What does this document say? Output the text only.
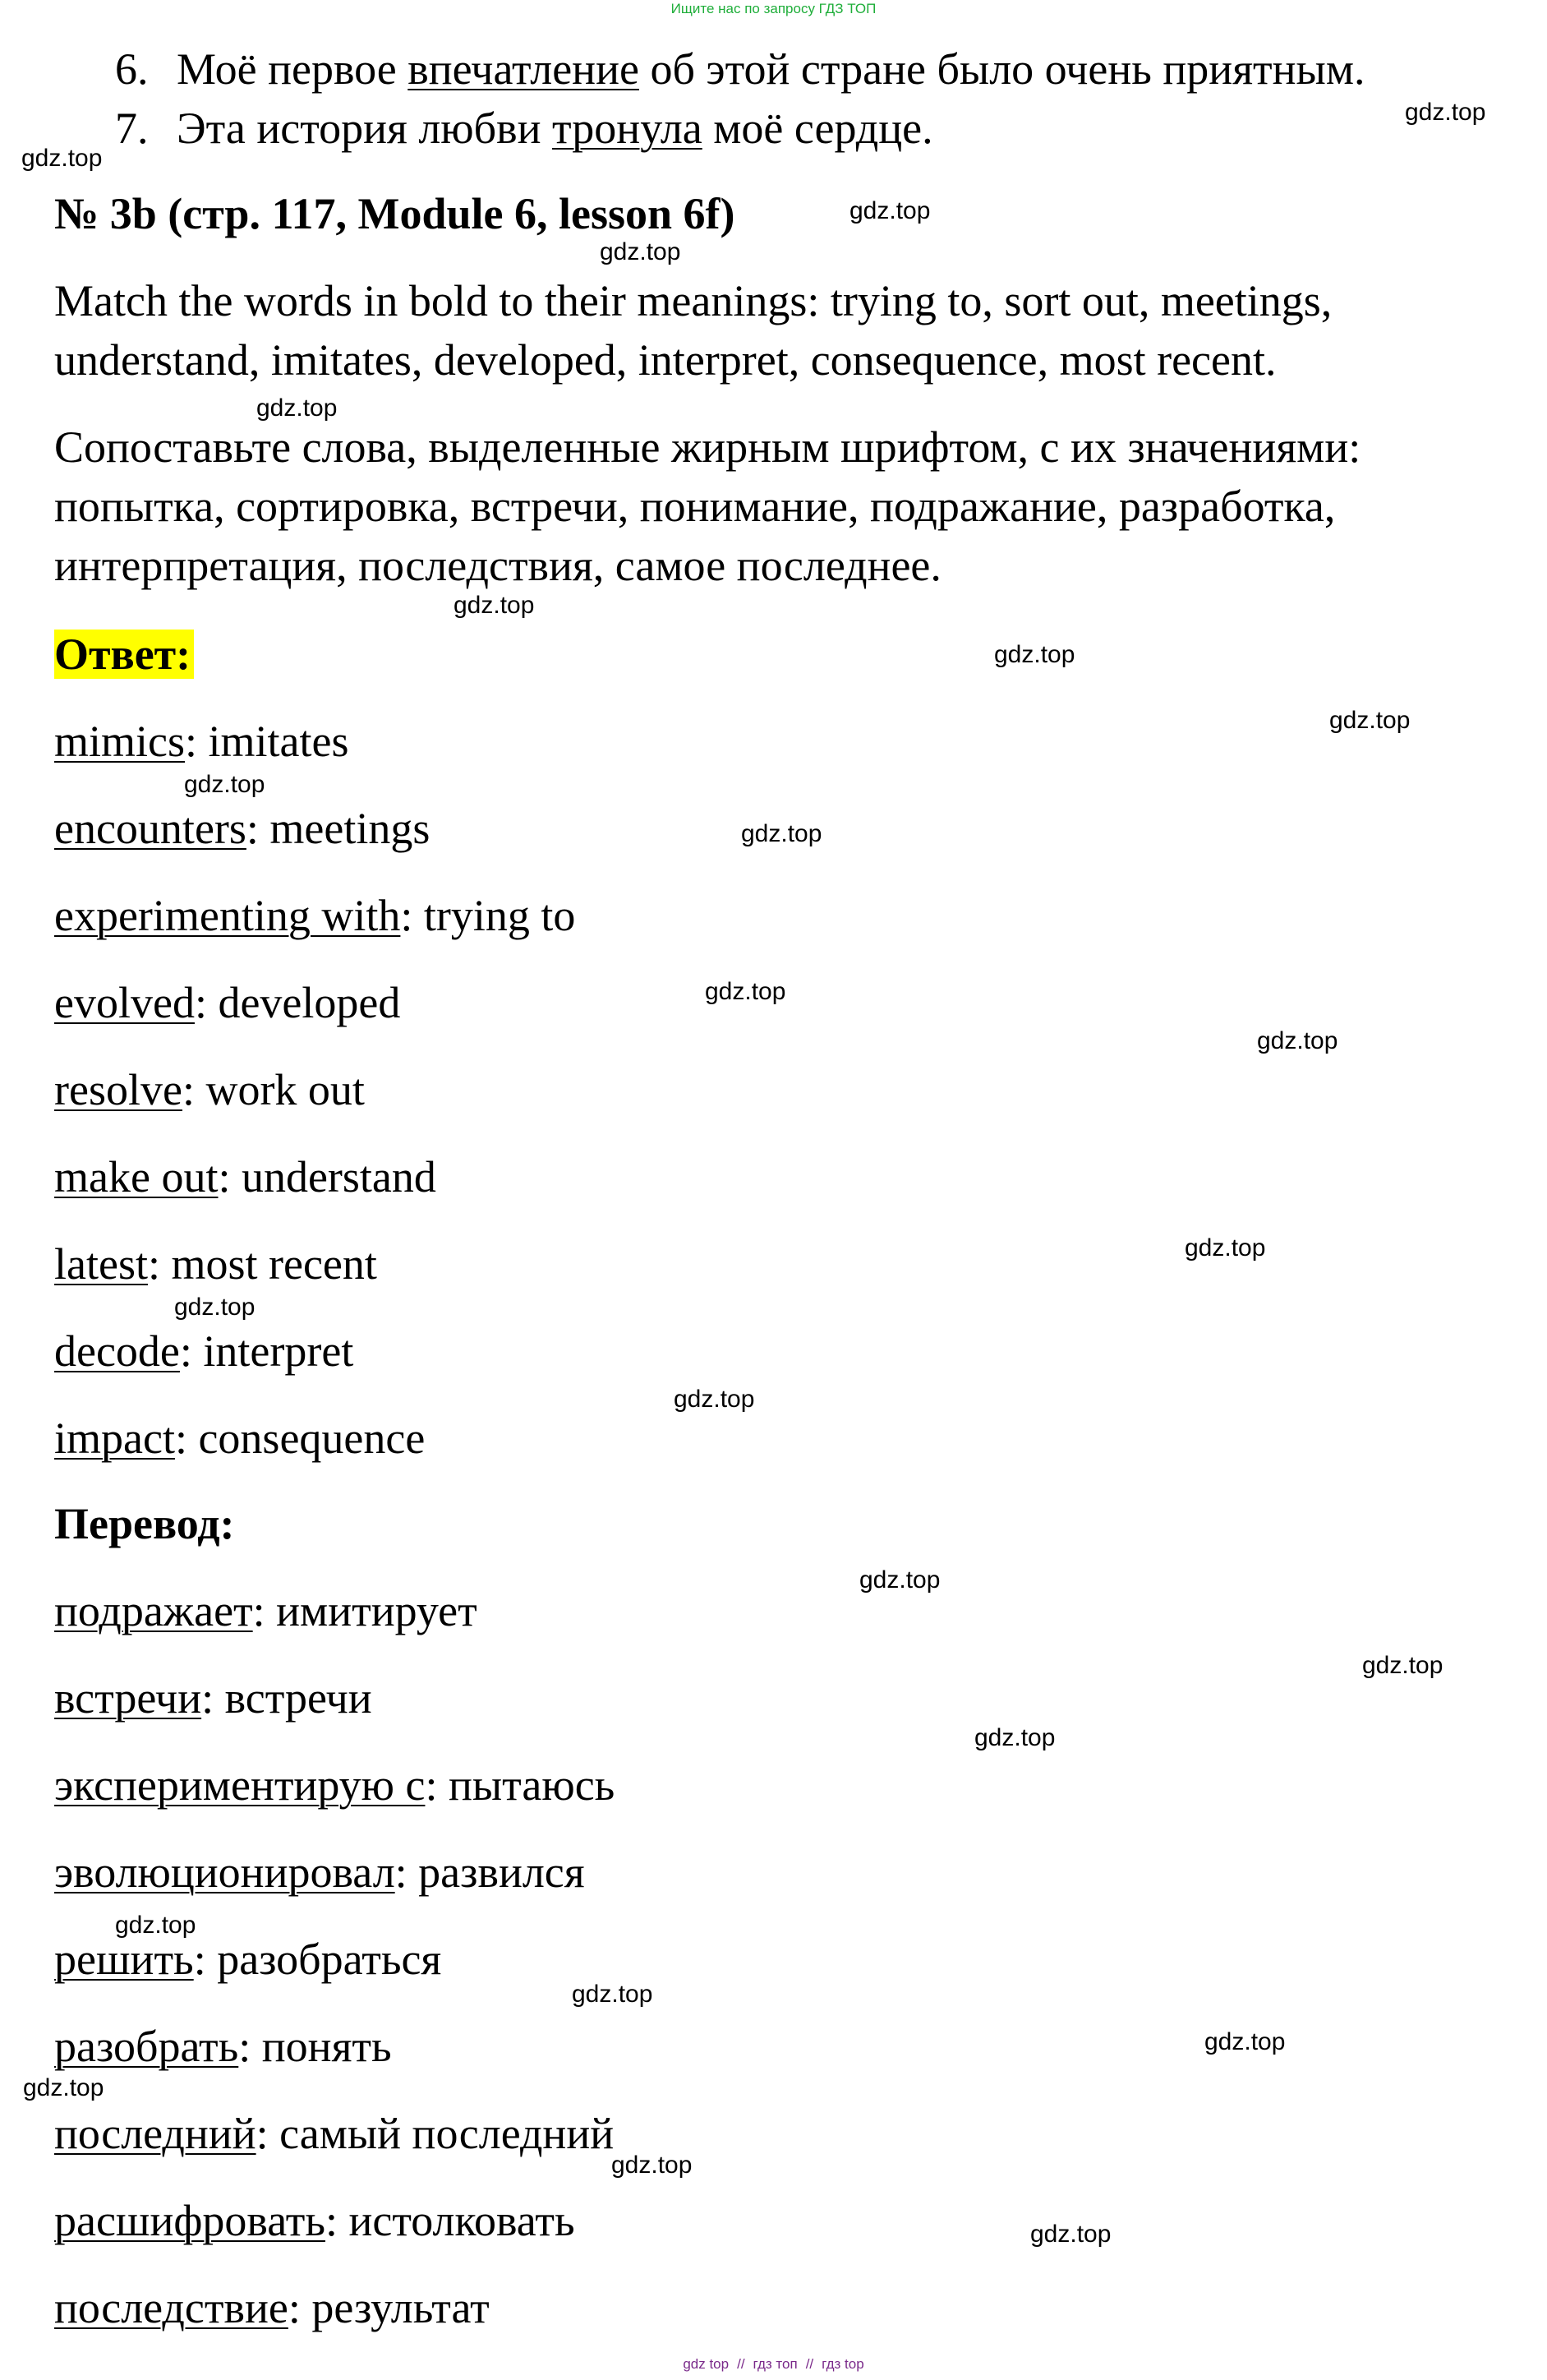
Ищите нас по запросу ГДЗ ТОП
6. Моё первое впечатление об этой стране было очень приятным.
7. Эта история любви тронула моё сердце.
№ 3b (стр. 117, Module 6, lesson 6f)
Match the words in bold to their meanings: trying to, sort out, meetings,
understand, imitates, developed, interpret, consequence, most recent.
Сопоставьте слова, выделенные жирным шрифтом, с их значениями:
попытка, сортировка, встречи, понимание, подражание, разработка,
интерпретация, последствия, самое последнее.
Ответ:
mimics: imitates
encounters: meetings
experimenting with: trying to
evolved: developed
resolve: work out
make out: understand
latest: most recent
decode: interpret
impact: consequence
Перевод:
подражает: имитирует
встречи: встречи
экспериментирую с: пытаюсь
эволюционировал: развился
решить: разобраться
разобрать: понять
последний: самый последний
расшифровать: истолковать
последствие: результат
gdz.top
gdz.top
gdz.top
gdz.top
gdz.top
gdz.top
gdz.top
gdz.top
gdz.top
gdz.top
gdz.top
gdz.top
gdz.top
gdz.top
gdz.top
gdz.top
gdz.top
gdz.top
gdz.top
gdz.top
gdz.top
gdz.top
gdz.top
gdz.top
gdz top // гдз топ // гдз top
